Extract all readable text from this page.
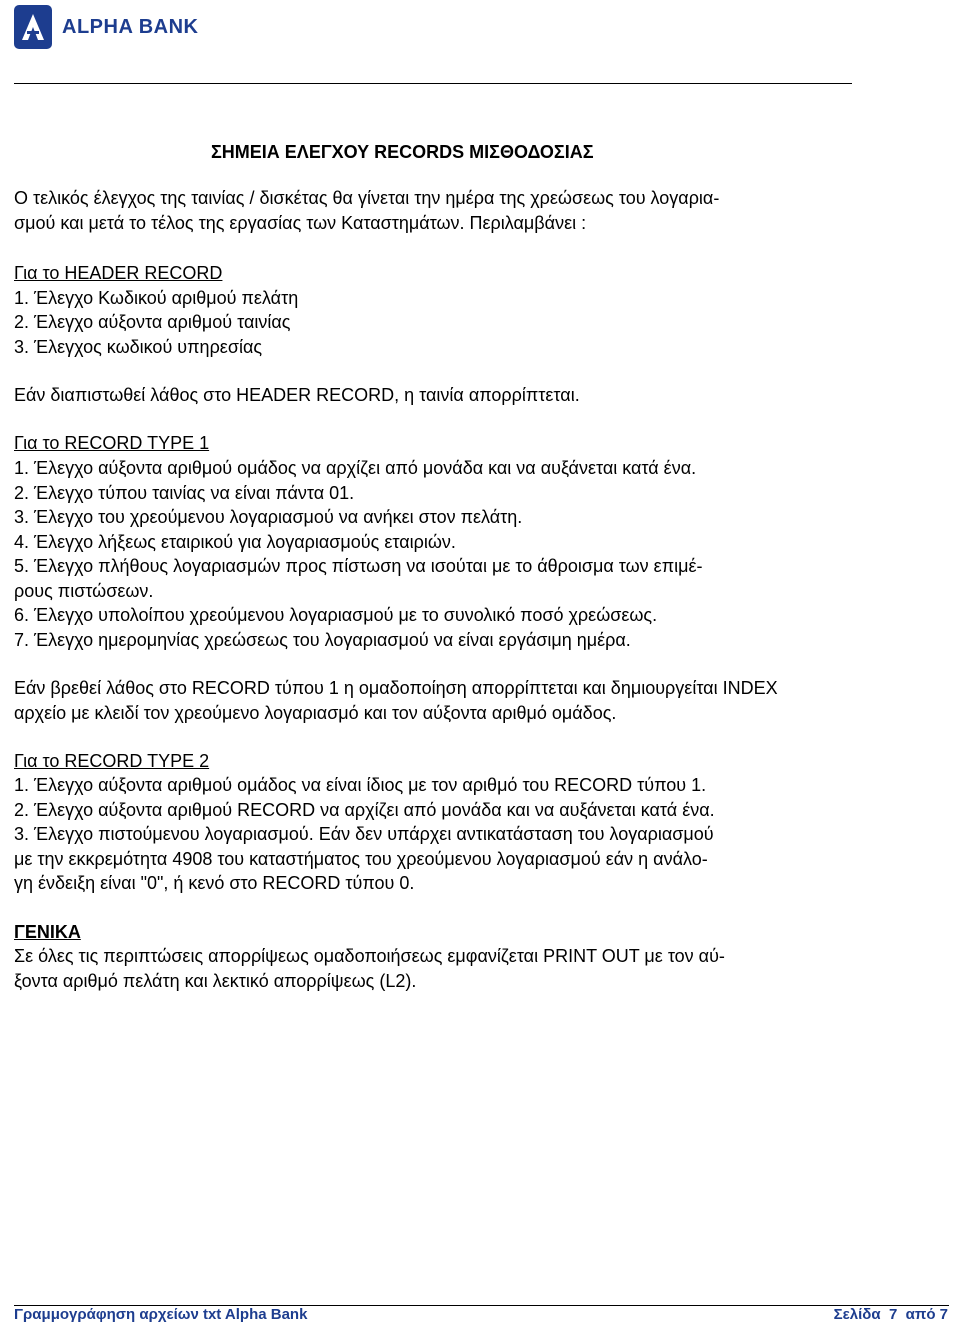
ALPHA BANK
ΣΗΜΕΙΑ ΕΛΕΓΧΟΥ RECORDS ΜΙΣΘΟΔΟΣΙΑΣ
Ο τελικός έλεγχος της ταινίας / δισκέτας θα γίνεται την ημέρα της χρεώσεως του λογαρια-
σμού και μετά το τέλος της εργασίας των Καταστημάτων. Περιλαμβάνει :
Για το HEADER RECORD
1. Έλεγχο Κωδικού αριθμού πελάτη
2. Έλεγχο αύξοντα αριθμού ταινίας
3. Έλεγχος κωδικού υπηρεσίας
Εάν διαπιστωθεί λάθος στο HEADER RECORD, η ταινία απορρίπτεται.
Για το RECORD TYPE 1
1. Έλεγχο αύξοντα αριθμού ομάδος να αρχίζει από μονάδα και να αυξάνεται κατά ένα.
2. Έλεγχο τύπου ταινίας να είναι πάντα 01.
3. Έλεγχο του χρεούμενου λογαριασμού να ανήκει στον πελάτη.
4. Έλεγχο λήξεως εταιρικού για λογαριασμούς εταιριών.
5. Έλεγχο πλήθους λογαριασμών προς πίστωση να ισούται με το άθροισμα των επιμέ-
ρους πιστώσεων.
6. Έλεγχο υπολοίπου χρεούμενου λογαριασμού με το συνολικό ποσό χρεώσεως.
7. Έλεγχο ημερομηνίας χρεώσεως του λογαριασμού να είναι εργάσιμη ημέρα.
Εάν βρεθεί λάθος στο RECORD τύπου 1 η ομαδοποίηση απορρίπτεται και δημιουργείται INDEX
αρχείο με κλειδί τον χρεούμενο λογαριασμό και τον αύξοντα αριθμό ομάδος.
Για το RECORD TYPE 2
1. Έλεγχο αύξοντα αριθμού ομάδος να είναι ίδιος με τον αριθμό του RECORD τύπου 1.
2. Έλεγχο αύξοντα αριθμού RECORD να αρχίζει από μονάδα και να αυξάνεται κατά ένα.
3. Έλεγχο πιστούμενου λογαριασμού. Εάν δεν υπάρχει αντικατάσταση του λογαριασμού
με την εκκρεμότητα 4908 του καταστήματος του χρεούμενου λογαριασμού εάν η ανάλο-
γη ένδειξη είναι "0", ή κενό στο RECORD τύπου 0.
ΓΕΝΙΚΑ
Σε όλες τις περιπτώσεις απορρίψεως ομαδοποιήσεως εμφανίζεται PRINT OUT με τον αύ-
ξοντα αριθμό πελάτη και λεκτικό απορρίψεως (L2).
Γραμμογράφηση αρχείων txt Alpha Bank	Σελίδα  7  από 7
